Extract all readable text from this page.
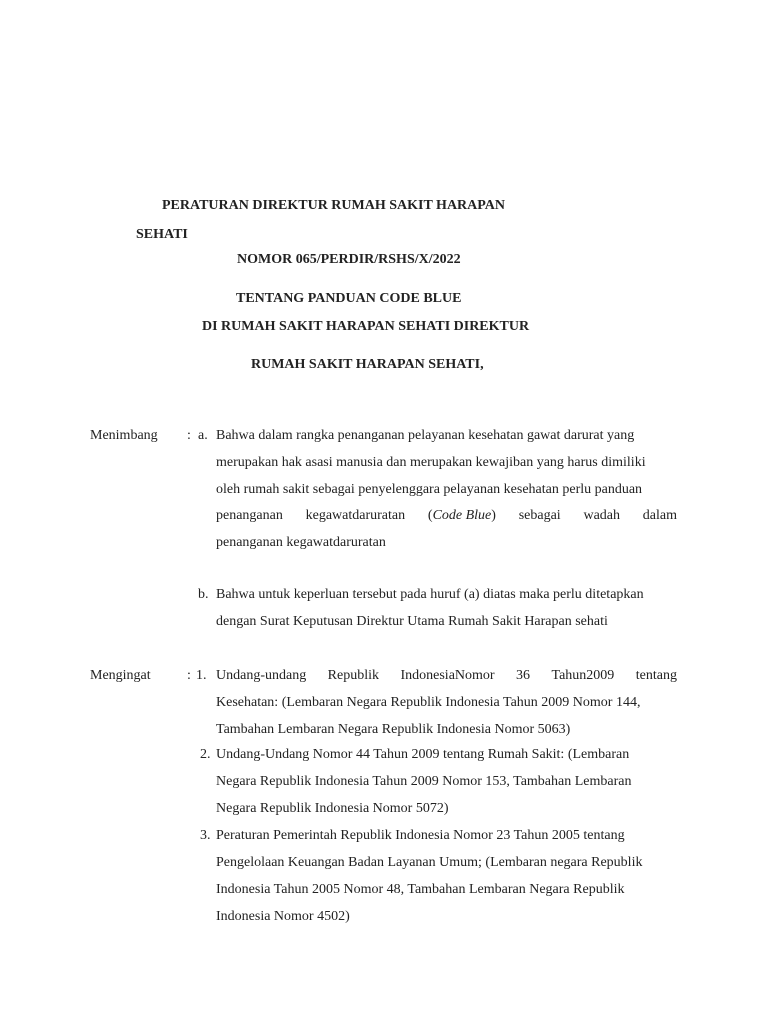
PERATURAN DIREKTUR RUMAH SAKIT HARAPAN
SEHATI
NOMOR 065/PERDIR/RSHS/X/2022
TENTANG PANDUAN CODE BLUE
DI RUMAH SAKIT HARAPAN SEHATI DIREKTUR
RUMAH SAKIT HARAPAN SEHATI,
Menimbang : a. Bahwa dalam rangka penanganan pelayanan kesehatan gawat darurat yang
merupakan hak asasi manusia dan merupakan kewajiban yang harus dimiliki
oleh rumah sakit sebagai penyelenggara pelayanan kesehatan perlu panduan
penanganan kegawatdaruratan (Code Blue) sebagai wadah dalam
penanganan kegawatdaruratan
b. Bahwa untuk keperluan tersebut pada huruf (a) diatas maka perlu ditetapkan
dengan Surat Keputusan Direktur Utama Rumah Sakit Harapan sehati
Mengingat	: 1. Undang-undang Republik IndonesiaNomor 36 Tahun2009 tentang
Kesehatan: (Lembaran Negara Republik Indonesia Tahun 2009 Nomor 144,
Tambahan Lembaran Negara Republik Indonesia Nomor 5063)
2. Undang-Undang Nomor 44 Tahun 2009 tentang Rumah Sakit: (Lembaran
Negara Republik Indonesia Tahun 2009 Nomor 153, Tambahan Lembaran
Negara Republik Indonesia Nomor 5072)
3. Peraturan Pemerintah Republik Indonesia Nomor 23 Tahun 2005 tentang
Pengelolaan Keuangan Badan Layanan Umum; (Lembaran negara Republik
Indonesia Tahun 2005 Nomor 48, Tambahan Lembaran Negara Republik
Indonesia Nomor 4502)
